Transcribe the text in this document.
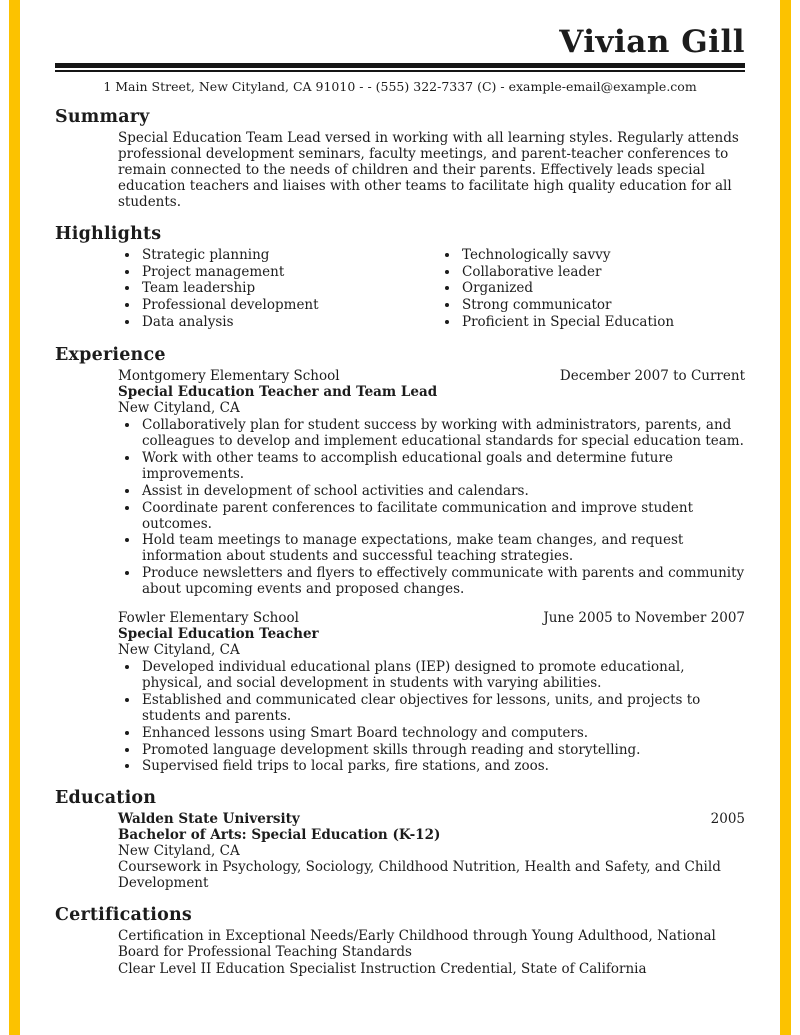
Vivian Gill
1 Main Street, New Cityland, CA 91010 - - (555) 322-7337 (C) - example-email@example.com
Summary
Special Education Team Lead versed in working with all learning styles. Regularly attends professional development seminars, faculty meetings, and parent-teacher conferences to remain connected to the needs of children and their parents. Effectively leads special education teachers and liaises with other teams to facilitate high quality education for all students.
Highlights
• Strategic planning
• Project management
• Team leadership
• Professional development
• Data analysis
• Technologically savvy
• Collaborative leader
• Organized
• Strong communicator
• Proficient in Special Education
Experience
Montgomery Elementary School	December 2007 to Current
Special Education Teacher and Team Lead
New Cityland, CA
• Collaboratively plan for student success by working with administrators, parents, and colleagues to develop and implement educational standards for special education team.
• Work with other teams to accomplish educational goals and determine future improvements.
• Assist in development of school activities and calendars.
• Coordinate parent conferences to facilitate communication and improve student outcomes.
• Hold team meetings to manage expectations, make team changes, and request information about students and successful teaching strategies.
• Produce newsletters and flyers to effectively communicate with parents and community about upcoming events and proposed changes.
Fowler Elementary School	June 2005 to November 2007
Special Education Teacher
New Cityland, CA
• Developed individual educational plans (IEP) designed to promote educational, physical, and social development in students with varying abilities.
• Established and communicated clear objectives for lessons, units, and projects to students and parents.
• Enhanced lessons using Smart Board technology and computers.
• Promoted language development skills through reading and storytelling.
• Supervised field trips to local parks, fire stations, and zoos.
Education
Walden State University	2005
Bachelor of Arts: Special Education (K-12)
New Cityland, CA
Coursework in Psychology, Sociology, Childhood Nutrition, Health and Safety, and Child Development
Certifications
Certification in Exceptional Needs/Early Childhood through Young Adulthood, National Board for Professional Teaching Standards
Clear Level II Education Specialist Instruction Credential, State of California
